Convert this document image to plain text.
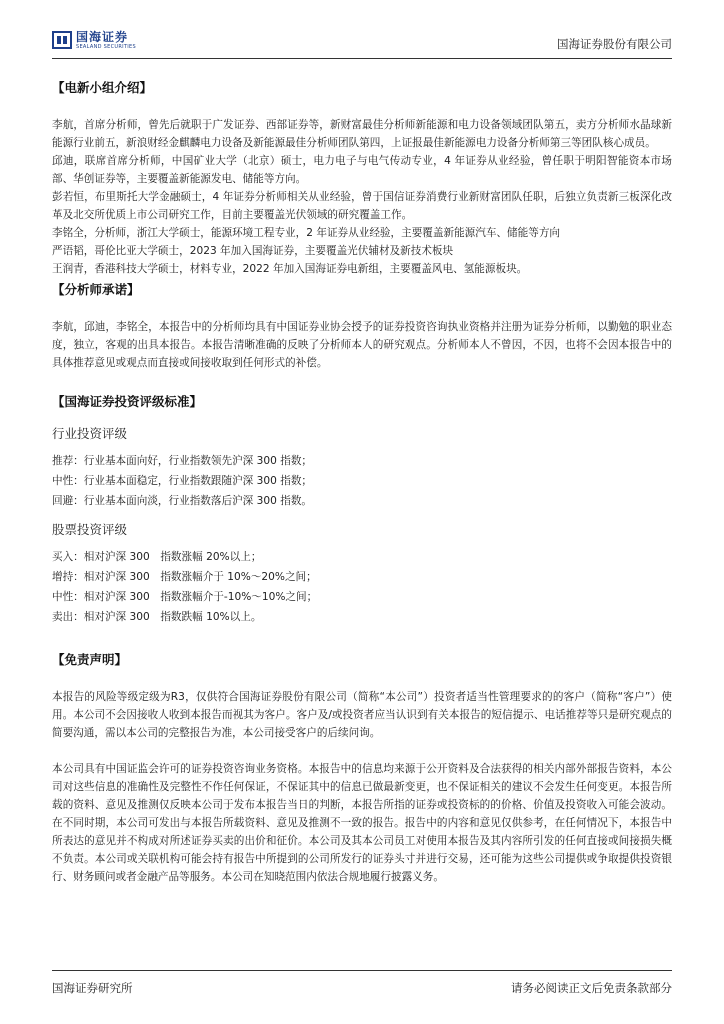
国海证券
SEALAND SECURITIES	国海证券股份有限公司
【电新小组介绍】

李航，首席分析师，曾先后就职于广发证券、西部证券等，新财富最佳分析师新能源和电力设备领域团队第五，卖方分析师水晶球新能源行业前五，新浪财经金麒麟电力设备及新能源最佳分析师团队第四，上证报最佳新能源电力设备分析师第三等团队核心成员。

邱迪，联席首席分析师，中国矿业大学（北京）硕士，电力电子与电气传动专业，4 年证券从业经验，曾任职于明阳智能资本市场部、华创证券等，主要覆盖新能源发电、储能等方向。

彭若恒，布里斯托大学金融硕士，4 年证券分析师相关从业经验，曾于国信证券消费行业新财富团队任职，后独立负责新三板深化改革及北交所优质上市公司研究工作，目前主要覆盖光伏领域的研究覆盖工作。

李铭全，分析师，浙江大学硕士，能源环境工程专业，2 年证券从业经验，主要覆盖新能源汽车、储能等方向

严语韬，哥伦比亚大学硕士，2023 年加入国海证券，主要覆盖光伏辅材及新技术板块

王润青，香港科技大学硕士，材料专业，2022 年加入国海证券电新组，主要覆盖风电、氢能源板块。

【分析师承诺】

李航，邱迪，李铭全，本报告中的分析师均具有中国证券业协会授予的证券投资咨询执业资格并注册为证券分析师，以勤勉的职业态度，独立，客观的出具本报告。本报告清晰准确的反映了分析师本人的研究观点。分析师本人不曾因，不因，也将不会因本报告中的具体推荐意见或观点而直接或间接收取到任何形式的补偿。

【国海证券投资评级标准】
行业投资评级

推荐：行业基本面向好，行业指数领先沪深 300 指数；

中性：行业基本面稳定，行业指数跟随沪深 300 指数；

回避：行业基本面向淡，行业指数落后沪深 300 指数。

股票投资评级

买入：相对沪深 300　指数涨幅 20%以上；

增持：相对沪深 300　指数涨幅介于 10%～20%之间；

中性：相对沪深 300　指数涨幅介于-10%～10%之间；

卖出：相对沪深 300　指数跌幅 10%以上。

【免责声明】

本报告的风险等级定级为R3，仅供符合国海证券股份有限公司（简称“本公司”）投资者适当性管理要求的的客户（简称“客户”）使用。本公司不会因接收人收到本报告而视其为客户。客户及/或投资者应当认识到有关本报告的短信提示、电话推荐等只是研究观点的简要沟通，需以本公司的完整报告为准，本公司接受客户的后续问询。

本公司具有中国证监会许可的证券投资咨询业务资格。本报告中的信息均来源于公开资料及合法获得的相关内部外部报告资料，本公司对这些信息的准确性及完整性不作任何保证，不保证其中的信息已做最新变更，也不保证相关的建议不会发生任何变更。本报告所载的资料、意见及推测仅反映本公司于发布本报告当日的判断，本报告所指的证券或投资标的的价格、价值及投资收入可能会波动。在不同时期，本公司可发出与本报告所载资料、意见及推测不一致的报告。报告中的内容和意见仅供参考，在任何情况下，本报告中所表达的意见并不构成对所述证券买卖的出价和征价。本公司及其本公司员工对使用本报告及其内容所引发的任何直接或间接损失概不负责。本公司或关联机构可能会持有报告中所提到的公司所发行的证券头寸并进行交易，还可能为这些公司提供或争取提供投资银行、财务顾问或者金融产品等服务。本公司在知晓范围内依法合规地履行披露义务。

国海证券研究所	请务必阅读正文后免责条款部分
